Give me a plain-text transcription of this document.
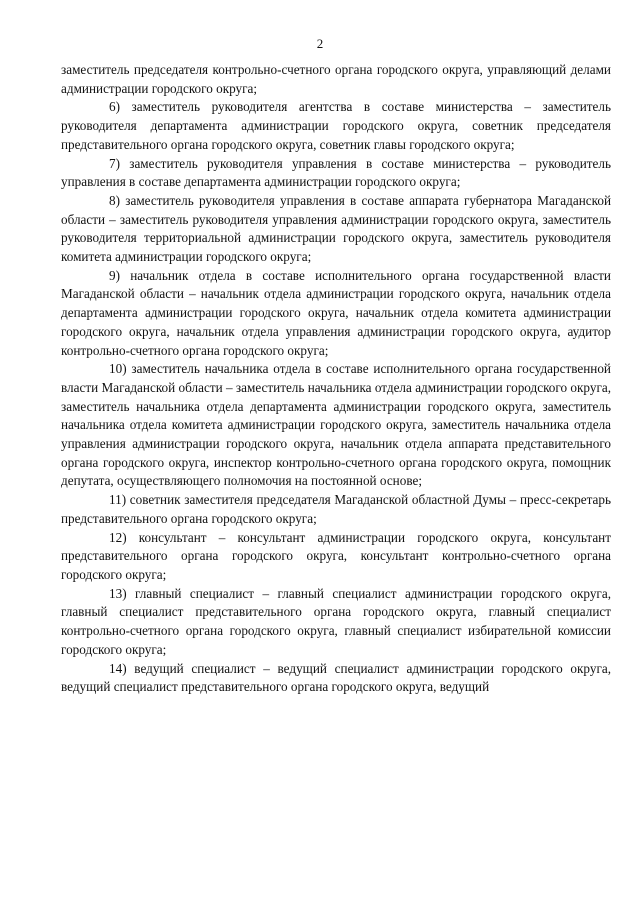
2

заместитель председателя контрольно-счетного органа городского округа, управляющий делами администрации городского округа;

6) заместитель руководителя агентства в составе министерства – заместитель руководителя департамента администрации городского округа, советник председателя представительного органа городского округа, советник главы городского округа;

7) заместитель руководителя управления в составе министерства – руководитель управления в составе департамента администрации городского округа;

8) заместитель руководителя управления в составе аппарата губернатора Магаданской области – заместитель руководителя управления администрации городского округа, заместитель руководителя территориальной администрации городского округа, заместитель руководителя комитета администрации городского округа;

9) начальник отдела в составе исполнительного органа государственной власти Магаданской области – начальник отдела администрации городского округа, начальник отдела департамента администрации городского округа, начальник отдела комитета администрации городского округа, начальник отдела управления администрации городского округа, аудитор контрольно-счетного органа городского округа;

10) заместитель начальника отдела в составе исполнительного органа государственной власти Магаданской области – заместитель начальника отдела администрации городского округа, заместитель начальника отдела департамента администрации городского округа, заместитель начальника отдела комитета администрации городского округа, заместитель начальника отдела управления администрации городского округа, начальник отдела аппарата представительного органа городского округа, инспектор контрольно-счетного органа городского округа, помощник депутата, осуществляющего полномочия на постоянной основе;

11) советник заместителя председателя Магаданской областной Думы – пресс-секретарь представительного органа городского округа;

12) консультант – консультант администрации городского округа, консультант представительного органа городского округа, консультант контрольно-счетного органа городского округа;

13) главный специалист – главный специалист администрации городского округа, главный специалист представительного органа городского округа, главный специалист контрольно-счетного органа городского округа, главный специалист избирательной комиссии городского округа;

14) ведущий специалист – ведущий специалист администрации городского округа, ведущий специалист представительного органа городского округа, ведущий
